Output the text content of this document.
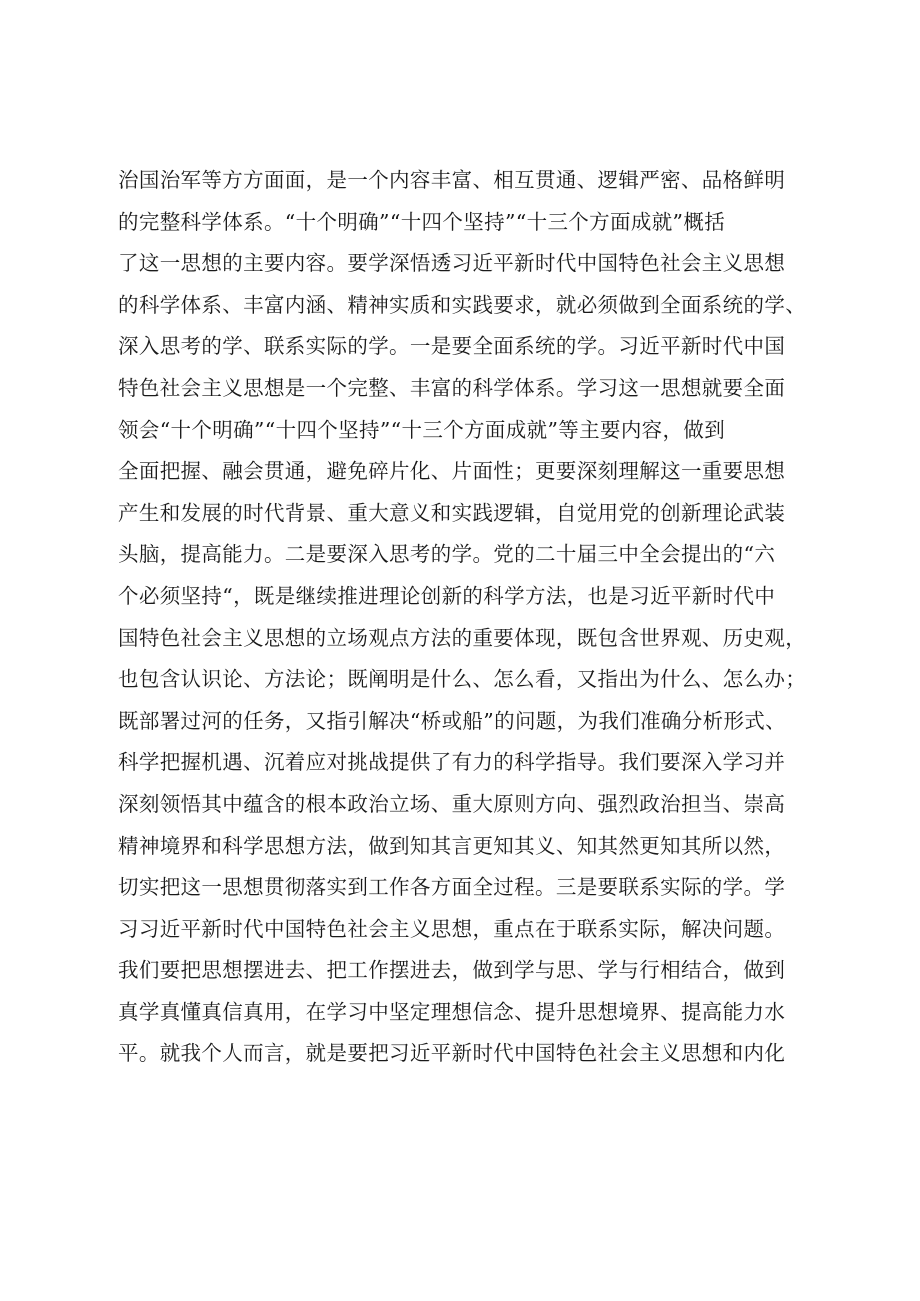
治国治军等方方面面，是一个内容丰富、相互贯通、逻辑严密、品格鲜明
的完整科学体系。“十个明确”“十四个坚持”“十三个方面成就”概括
了这一思想的主要内容。要学深悟透习近平新时代中国特色社会主义思想
的科学体系、丰富内涵、精神实质和实践要求，就必须做到全面系统的学、
深入思考的学、联系实际的学。一是要全面系统的学。习近平新时代中国
特色社会主义思想是一个完整、丰富的科学体系。学习这一思想就要全面
领会“十个明确”“十四个坚持”“十三个方面成就”等主要内容，做到
全面把握、融会贯通，避免碎片化、片面性；更要深刻理解这一重要思想
产生和发展的时代背景、重大意义和实践逻辑，自觉用党的创新理论武装
头脑，提高能力。二是要深入思考的学。党的二十届三中全会提出的“六
个必须坚持“，既是继续推进理论创新的科学方法，也是习近平新时代中
国特色社会主义思想的立场观点方法的重要体现，既包含世界观、历史观，
也包含认识论、方法论；既阐明是什么、怎么看，又指出为什么、怎么办；
既部署过河的任务，又指引解决“桥或船”的问题，为我们准确分析形式、
科学把握机遇、沉着应对挑战提供了有力的科学指导。我们要深入学习并
深刻领悟其中蕴含的根本政治立场、重大原则方向、强烈政治担当、崇高
精神境界和科学思想方法，做到知其言更知其义、知其然更知其所以然，
切实把这一思想贯彻落实到工作各方面全过程。三是要联系实际的学。学
习习近平新时代中国特色社会主义思想，重点在于联系实际，解决问题。
我们要把思想摆进去、把工作摆进去，做到学与思、学与行相结合，做到
真学真懂真信真用，在学习中坚定理想信念、提升思想境界、提高能力水
平。就我个人而言，就是要把习近平新时代中国特色社会主义思想和内化
